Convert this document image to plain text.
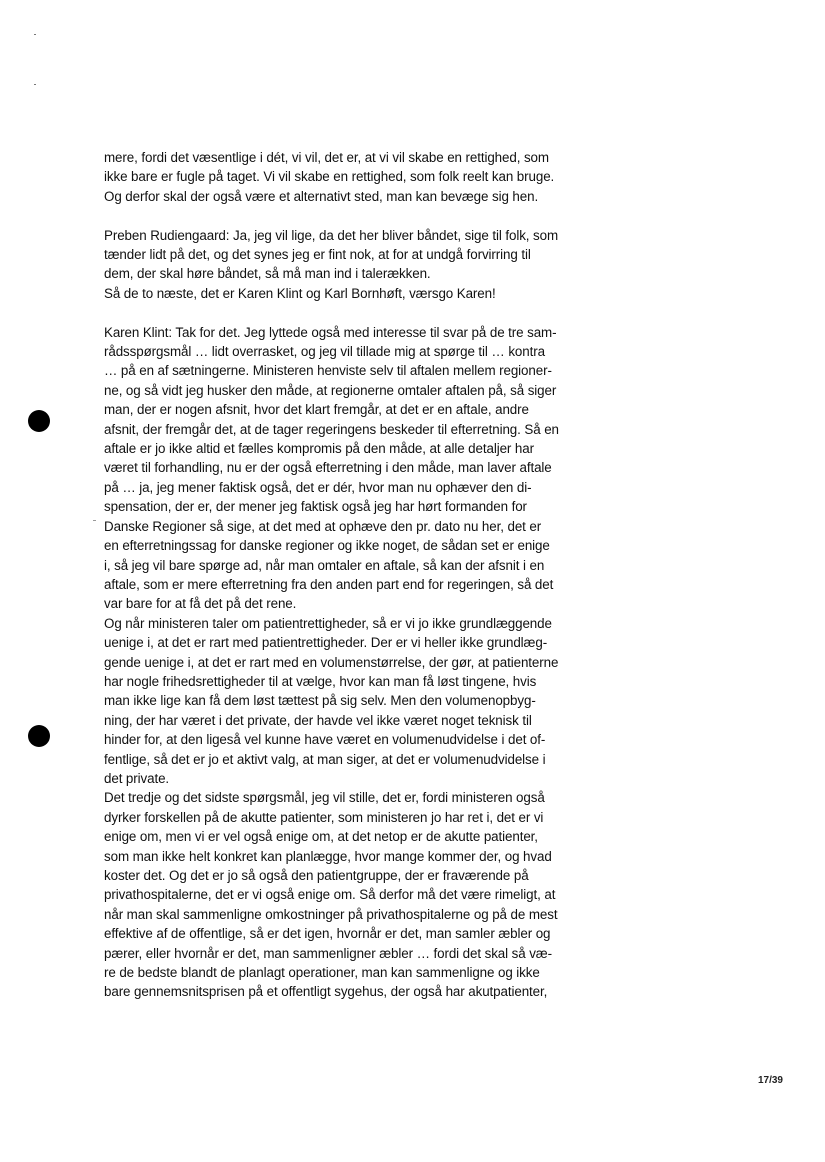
mere, fordi det væsentlige i dét, vi vil, det er, at vi vil skabe en rettighed, som
ikke bare er fugle på taget. Vi vil skabe en rettighed, som folk reelt kan bruge.
Og derfor skal der også være et alternativt sted, man kan bevæge sig hen.

Preben Rudiengaard: Ja, jeg vil lige, da det her bliver båndet, sige til folk, som
tænder lidt på det, og det synes jeg er fint nok, at for at undgå forvirring til
dem, der skal høre båndet, så må man ind i talerækken.
Så de to næste, det er Karen Klint og Karl Bornhøft, værsgo Karen!

Karen Klint: Tak for det. Jeg lyttede også med interesse til svar på de tre sam-
rådsspørgsmål … lidt overrasket, og jeg vil tillade mig at spørge til … kontra
… på en af sætningerne. Ministeren henviste selv til aftalen mellem regioner-
ne, og så vidt jeg husker den måde, at regionerne omtaler aftalen på, så siger
man, der er nogen afsnit, hvor det klart fremgår, at det er en aftale, andre
afsnit, der fremgår det, at de tager regeringens beskeder til efterretning. Så en
aftale er jo ikke altid et fælles kompromis på den måde, at alle detaljer har
været til forhandling, nu er der også efterretning i den måde, man laver aftale
på … ja, jeg mener faktisk også, det er dér, hvor man nu ophæver den di-
spensation, der er, der mener jeg faktisk også jeg har hørt formanden for
Danske Regioner så sige, at det med at ophæve den pr. dato nu her, det er
en efterretningssag for danske regioner og ikke noget, de sådan set er enige
i, så jeg vil bare spørge ad, når man omtaler en aftale, så kan der afsnit i en
aftale, som er mere efterretning fra den anden part end for regeringen, så det
var bare for at få det på det rene.
Og når ministeren taler om patientrettigheder, så er vi jo ikke grundlæggende
uenige i, at det er rart med patientrettigheder. Der er vi heller ikke grundlæg-
gende uenige i, at det er rart med en volumenstørrelse, der gør, at patienterne
har nogle frihedsrettigheder til at vælge, hvor kan man få løst tingene, hvis
man ikke lige kan få dem løst tættest på sig selv. Men den volumenopbyg-
ning, der har været i det private, der havde vel ikke været noget teknisk til
hinder for, at den ligeså vel kunne have været en volumenudvidelse i det of-
fentlige, så det er jo et aktivt valg, at man siger, at det er volumenudvidelse i
det private.
Det tredje og det sidste spørgsmål, jeg vil stille, det er, fordi ministeren også
dyrker forskellen på de akutte patienter, som ministeren jo har ret i, det er vi
enige om, men vi er vel også enige om, at det netop er de akutte patienter,
som man ikke helt konkret kan planlægge, hvor mange kommer der, og hvad
koster det. Og det er jo så også den patientgruppe, der er fraværende på
privathospitalerne, det er vi også enige om. Så derfor må det være rimeligt, at
når man skal sammenligne omkostninger på privathospitalerne og på de mest
effektive af de offentlige, så er det igen, hvornår er det, man samler æbler og
pærer, eller hvornår er det, man sammenligner æbler … fordi det skal så væ-
re de bedste blandt de planlagt operationer, man kan sammenligne og ikke
bare gennemsnitsprisen på et offentligt sygehus, der også har akutpatienter,

17/39
